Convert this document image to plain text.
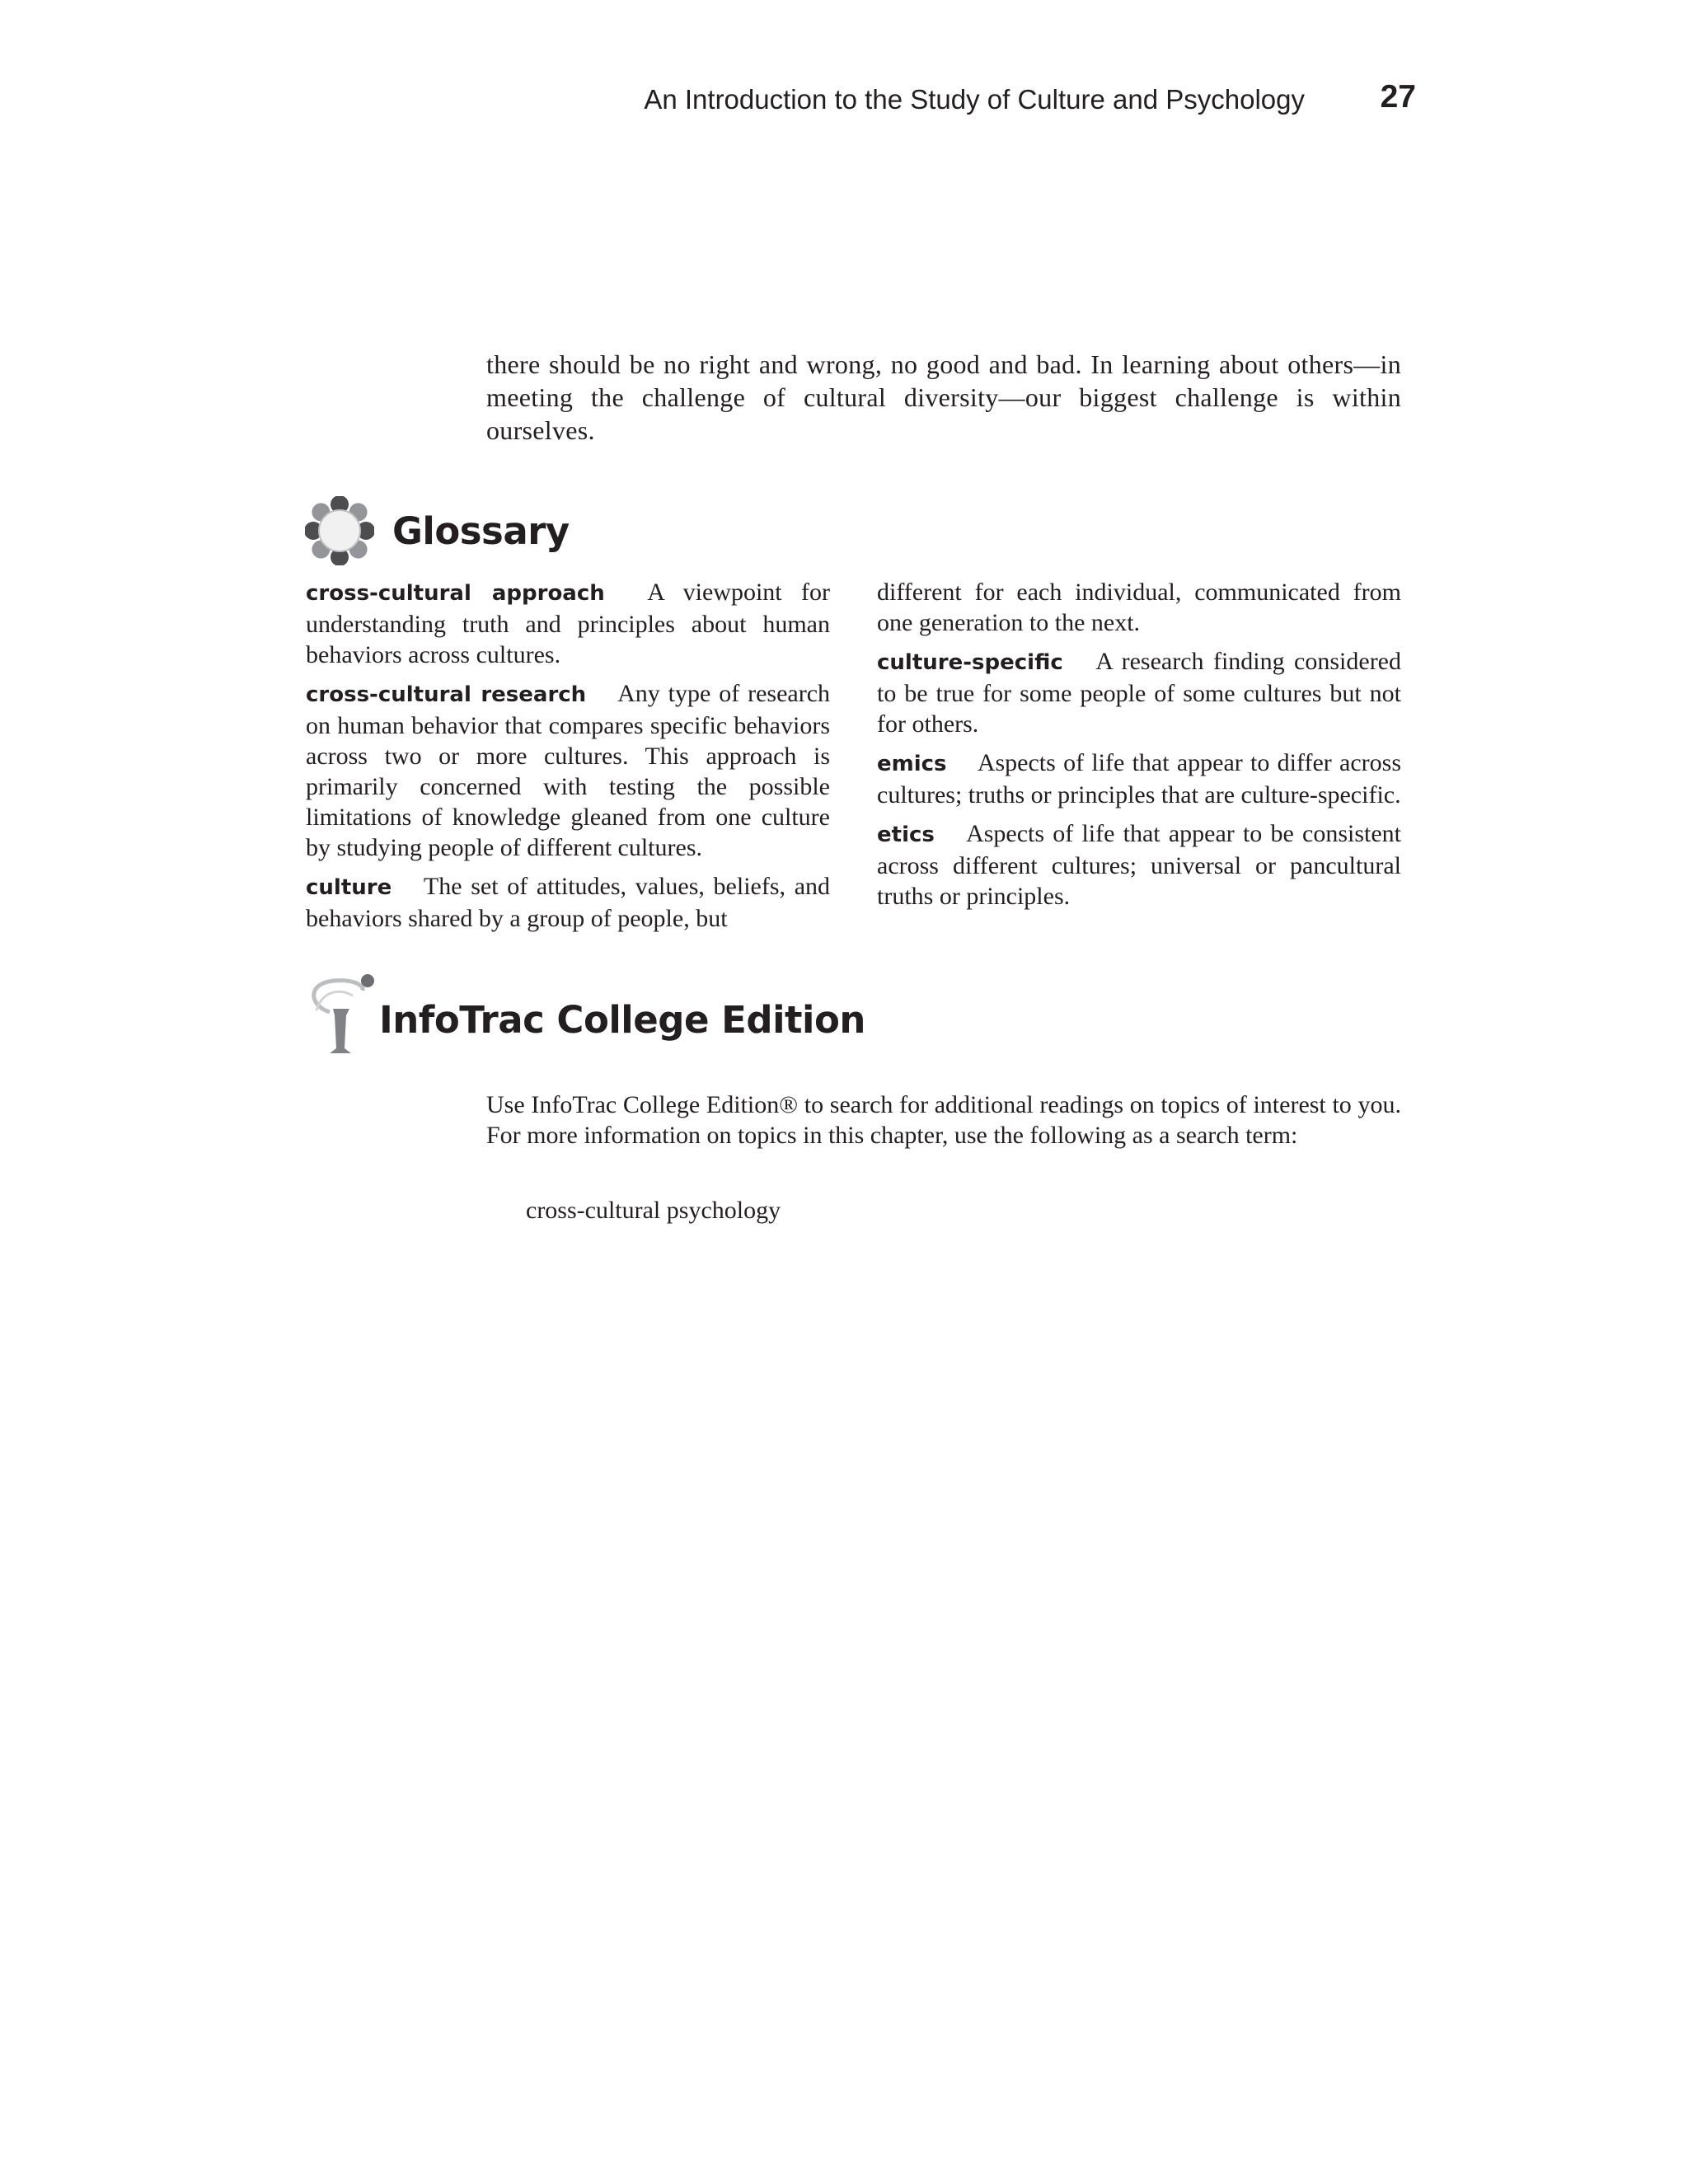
An Introduction to the Study of Culture and Psychology 27

there should be no right and wrong, no good and bad. In learning about others—in meeting the challenge of cultural diversity—our biggest challenge is within ourselves.

Glossary

cross-cultural approach A viewpoint for understanding truth and principles about human behaviors across cultures.

cross-cultural research Any type of research on human behavior that compares specific behaviors across two or more cultures. This approach is primarily concerned with testing the possible limitations of knowledge gleaned from one culture by studying people of different cultures.

culture The set of attitudes, values, beliefs, and behaviors shared by a group of people, but

different for each individual, communicated from one generation to the next.

culture-specific A research finding considered to be true for some people of some cultures but not for others.

emics Aspects of life that appear to differ across cultures; truths or principles that are culture-specific.

etics Aspects of life that appear to be consistent across different cultures; universal or pancultural truths or principles.

InfoTrac College Edition

Use InfoTrac College Edition® to search for additional readings on topics of interest to you. For more information on topics in this chapter, use the following as a search term:

cross-cultural psychology
